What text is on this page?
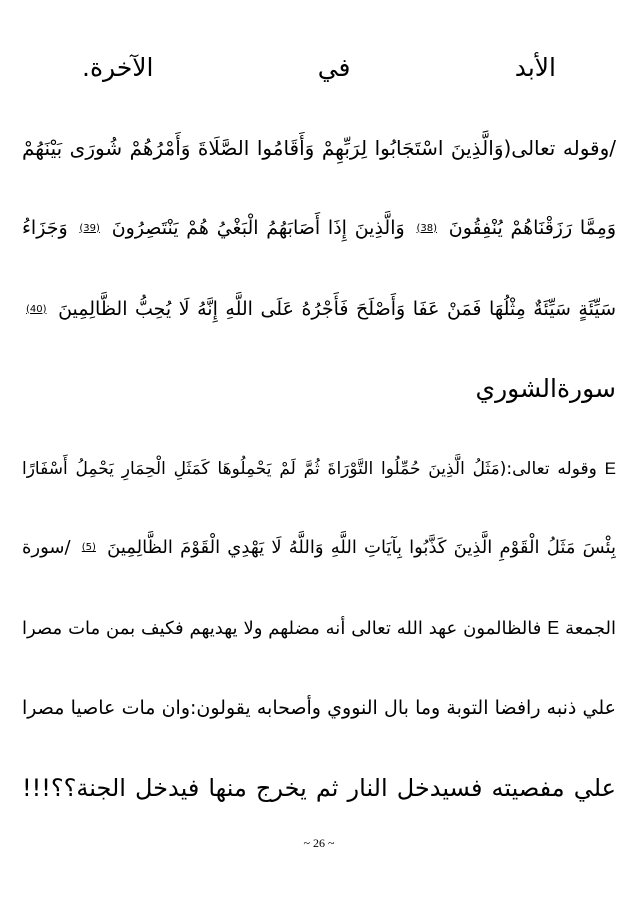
الأبد في الآخرة.
/وقوله تعالى(وَالَّذِينَ اسْتَجَابُوا لِرَبِّهِمْ وَأَقَامُوا الصَّلَاةَ وَأَمْرُهُمْ شُورَى بَيْنَهُمْ
وَمِمَّا رَزَقْنَاهُمْ يُنْفِقُونَ (38) وَالَّذِينَ إِذَا أَصَابَهُمُ الْبَغْيُ هُمْ يَنْتَصِرُونَ (39) وَجَزَاءُ
سَيِّئَةٍ سَيِّئَةٌ مِثْلُهَا فَمَنْ عَفَا وَأَصْلَحَ فَأَجْرُهُ عَلَى اللَّهِ إِنَّهُ لَا يُحِبُّ الظَّالِمِينَ (40)
سورةالشوري
E وقوله تعالى:(مَثَلُ الَّذِينَ حُمِّلُوا التَّوْرَاةَ ثُمَّ لَمْ يَحْمِلُوهَا كَمَثَلِ الْحِمَارِ يَحْمِلُ أَسْفَارًا
بِئْسَ مَثَلُ الْقَوْمِ الَّذِينَ كَذَّبُوا بِآيَاتِ اللَّهِ وَاللَّهُ لَا يَهْدِي الْقَوْمَ الظَّالِمِينَ (5) /سورة
الجمعة E فالظالمون عهد الله تعالى أنه مضلهم ولا يهديهم فكيف بمن مات مصرا
علي ذنبه رافضا التوبة وما بال النووي وأصحابه يقولون:وان مات عاصيا مصرا
علي مفصيته فسيدخل النار ثم يخرج منها فيدخل الجنة؟؟!!!
~ 26 ~
